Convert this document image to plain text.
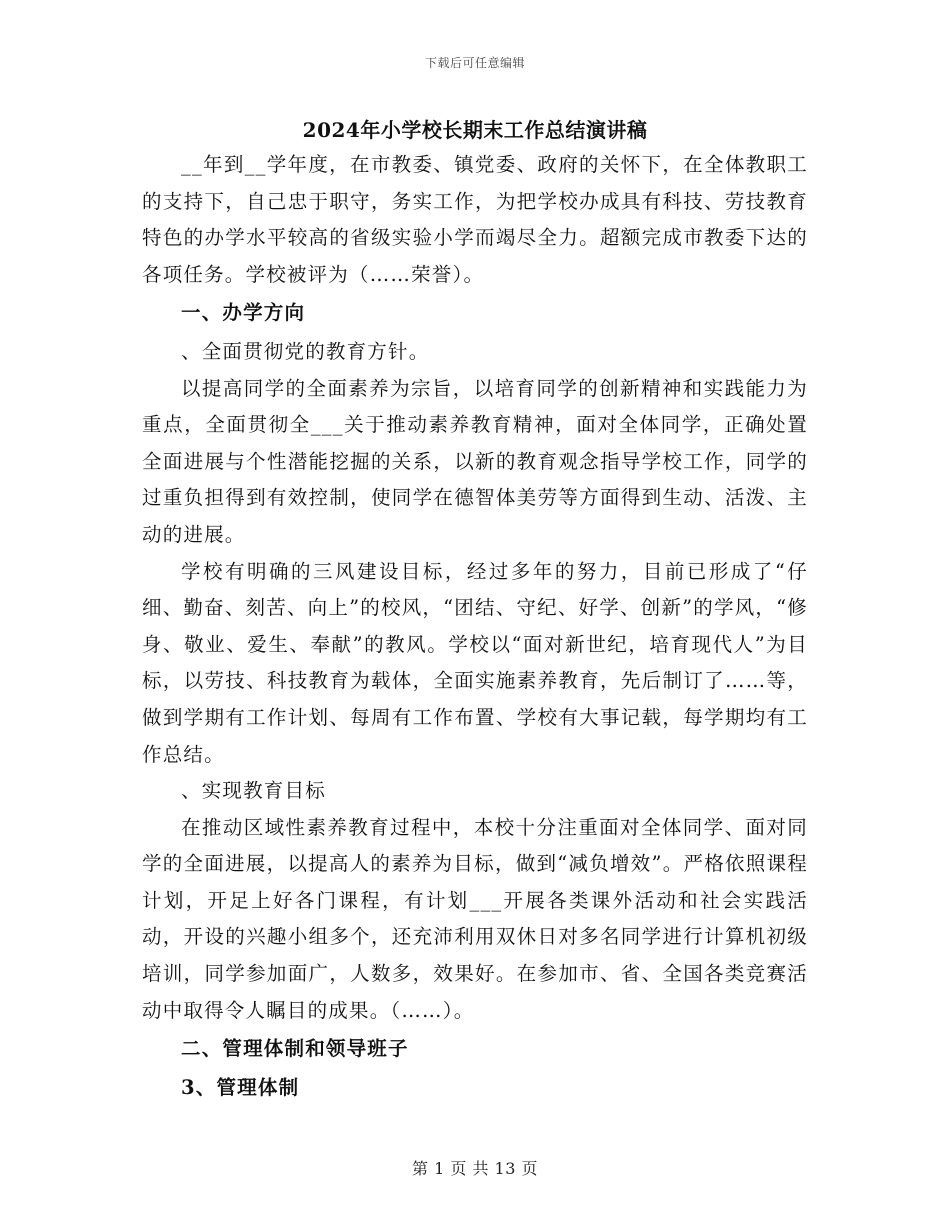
下载后可任意编辑
2024年小学校长期末工作总结演讲稿

__年到__学年度，在市教委、镇党委、政府的关怀下，在全体教职工的支持下，自己忠于职守，务实工作，为把学校办成具有科技、劳技教育特色的办学水平较高的省级实验小学而竭尽全力。超额完成市教委下达的各项任务。学校被评为（……荣誉）。

一、办学方向

、全面贯彻党的教育方针。

以提高同学的全面素养为宗旨，以培育同学的创新精神和实践能力为重点，全面贯彻全___关于推动素养教育精神，面对全体同学，正确处置全面进展与个性潜能挖掘的关系，以新的教育观念指导学校工作，同学的过重负担得到有效控制，使同学在德智体美劳等方面得到生动、活泼、主动的进展。

学校有明确的三风建设目标，经过多年的努力，目前已形成了“仔细、勤奋、刻苦、向上”的校风，“团结、守纪、好学、创新”的学风，“修身、敬业、爱生、奉献”的教风。学校以“面对新世纪，培育现代人”为目标，以劳技、科技教育为载体，全面实施素养教育，先后制订了……等，做到学期有工作计划、每周有工作布置、学校有大事记载，每学期均有工作总结。

、实现教育目标

在推动区域性素养教育过程中，本校十分注重面对全体同学、面对同学的全面进展，以提高人的素养为目标，做到“减负增效”。严格依照课程计划，开足上好各门课程，有计划___开展各类课外活动和社会实践活动，开设的兴趣小组多个，还充沛利用双休日对多名同学进行计算机初级培训，同学参加面广，人数多，效果好。在参加市、省、全国各类竞赛活动中取得令人瞩目的成果。（……）。

二、管理体制和领导班子

3、管理体制

第 1 页 共 13 页
